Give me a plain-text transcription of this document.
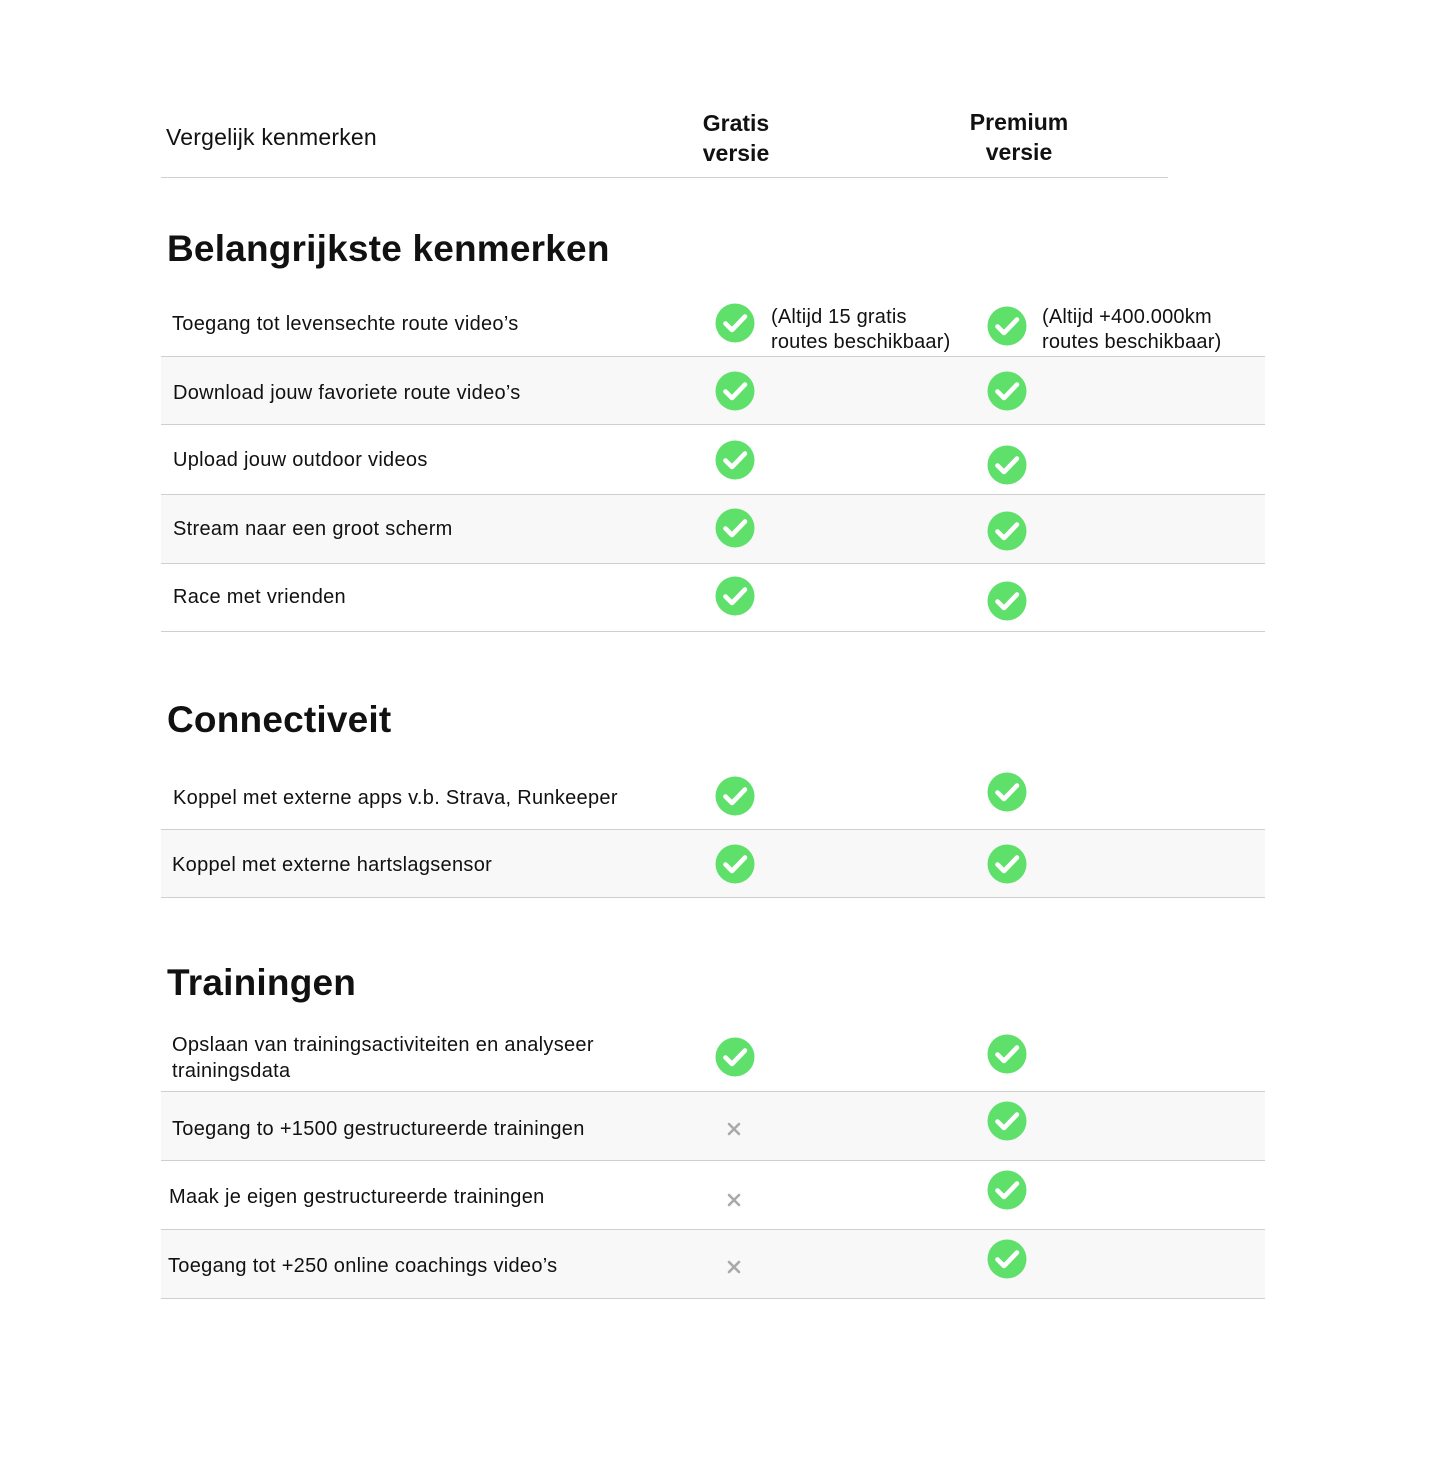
Vergelijk kenmerken
Gratis
versie
Premium
versie
Belangrijkste kenmerken
Toegang tot levensechte route video’s	(Altijd 15 gratis
routes beschikbaar)
(Altijd +400.000km
routes beschikbaar)
Download jouw favoriete route video’s
Upload jouw outdoor videos
Stream naar een groot scherm
Race met vrienden
Connectiveit
Koppel met externe apps v.b. Strava, Runkeeper
Koppel met externe hartslagsensor
Trainingen
Opslaan van trainingsactiviteiten en analyseer
trainingsdata
Toegang to +1500 gestructureerde trainingen
Maak je eigen gestructureerde trainingen
Toegang tot +250 online coachings video’s
